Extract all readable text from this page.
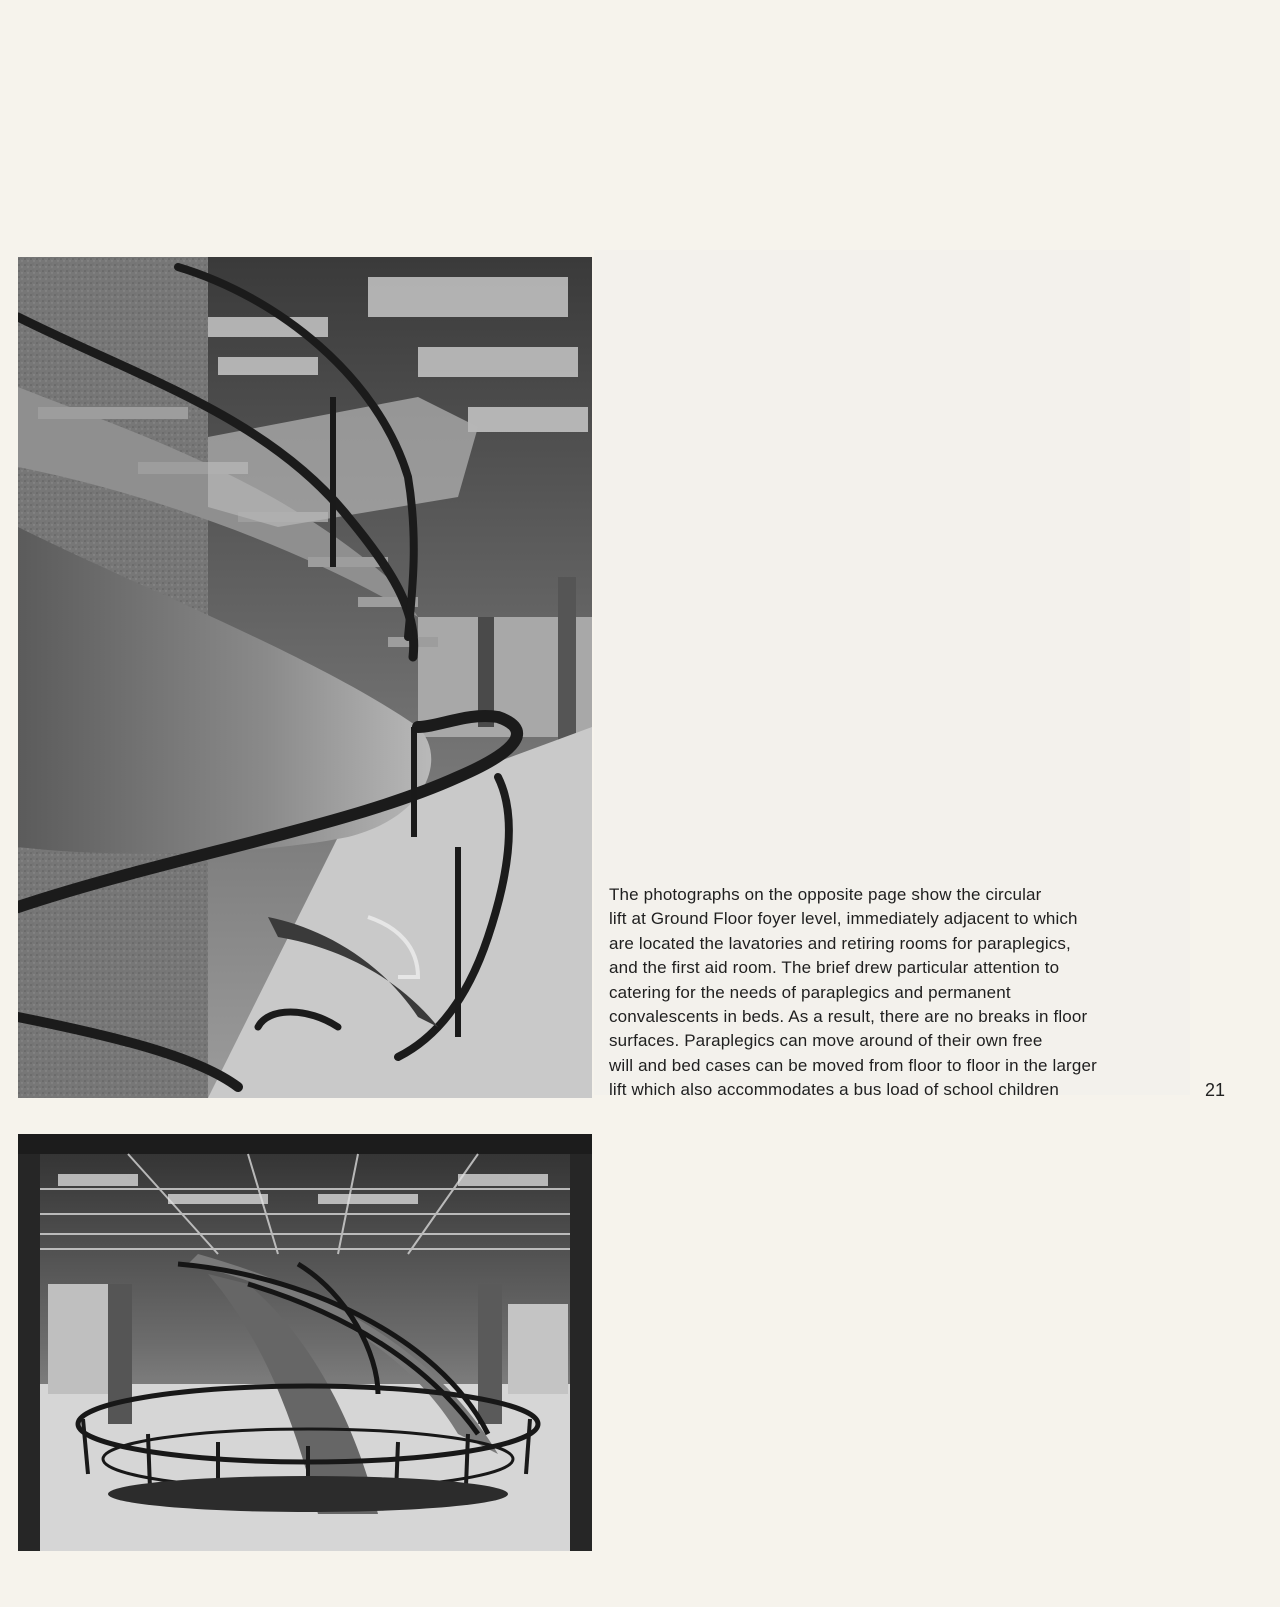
The photographs on the opposite page show the circular
lift at Ground Floor foyer level, immediately adjacent to which
are located the lavatories and retiring rooms for paraplegics,
and the first aid room. The brief drew particular attention to
catering for the needs of paraplegics and permanent
convalescents in beds. As a result, there are no breaks in floor
surfaces. Paraplegics can move around of their own free
will and bed cases can be moved from floor to floor in the larger
lift which also accommodates a bus load of school children	21
